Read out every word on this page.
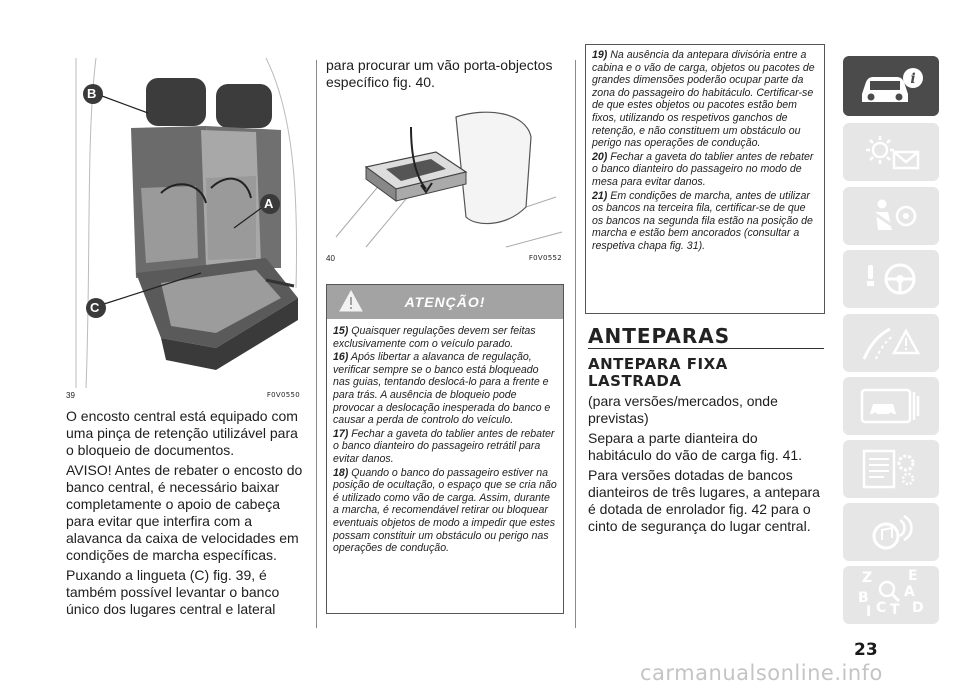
B
A
C
39	F0V0550

O encosto central está equipado com uma pinça de retenção utilizável para o bloqueio de documentos.

AVISO! Antes de rebater o encosto do banco central, é necessário baixar completamente o apoio de cabeça para evitar que interfira com a alavanca da caixa de velocidades em condições de marcha específicas.

Puxando a lingueta (C) fig. 39, é também possível levantar o banco único dos lugares central e lateral

para procurar um vão porta-objectos específico fig. 40.
40	F0V0552
ATENÇÃO!
15) Quaisquer regulações devem ser feitas exclusivamente com o veículo parado.
16) Após libertar a alavanca de regulação, verificar sempre se o banco está bloqueado nas guias, tentando deslocá-lo para a frente e para trás. A ausência de bloqueio pode provocar a deslocação inesperada do banco e causar a perda de controlo do veículo.
17) Fechar a gaveta do tablier antes de rebater o banco dianteiro do passageiro retrátil para evitar danos.
18) Quando o banco do passageiro estiver na posição de ocultação, o espaço que se cria não é utilizado como vão de carga. Assim, durante a marcha, é recomendável retirar ou bloquear eventuais objetos de modo a impedir que estes possam constituir um obstáculo ou perigo nas operações de condução.
19) Na ausência da antepara divisória entre a cabina e o vão de carga, objetos ou pacotes de grandes dimensões poderão ocupar parte da zona do passageiro do habitáculo. Certificar-se de que estes objetos ou pacotes estão bem fixos, utilizando os respetivos ganchos de retenção, e não constituem um obstáculo ou perigo nas operações de condução.
20) Fechar a gaveta do tablier antes de rebater o banco dianteiro do passageiro no modo de mesa para evitar danos.
21) Em condições de marcha, antes de utilizar os bancos na terceira fila, certificar-se de que os bancos na segunda fila estão na posição de marcha e estão bem ancorados (consultar a respetiva chapa fig. 31).
ANTEPARAS
ANTEPARA FIXA
LASTRADA

(para versões/mercados, onde previstas)

Separa a parte dianteira do habitáculo do vão de carga fig. 41.

Para versões dotadas de bancos dianteiros de três lugares, a antepara é dotada de enrolador fig. 42 para o cinto de segurança do lugar central.

i
Z	E
A
B
C T D
I
23
carmanualsonline.info
